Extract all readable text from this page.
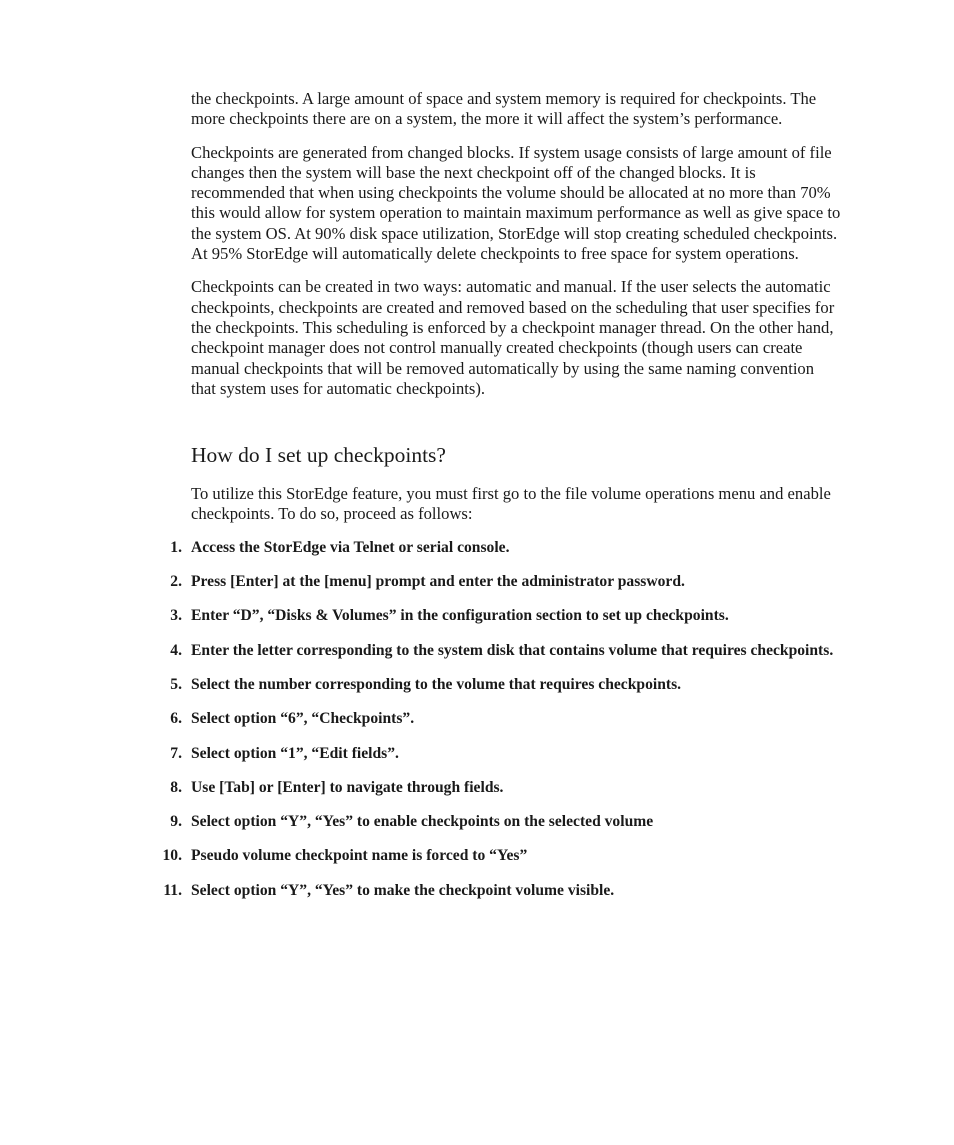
the checkpoints. A large amount of space and system memory is required for checkpoints. The more checkpoints there are on a system, the more it will affect the system’s performance.

Checkpoints are generated from changed blocks. If system usage consists of large amount of file changes then the system will base the next checkpoint off of the changed blocks. It is recommended that when using checkpoints the volume should be allocated at no more than 70% this would allow for system operation to maintain maximum performance as well as give space to the system OS. At 90% disk space utilization, StorEdge will stop creating scheduled checkpoints. At 95% StorEdge will automatically delete checkpoints to free space for system operations.

Checkpoints can be created in two ways: automatic and manual. If the user selects the automatic checkpoints, checkpoints are created and removed based on the scheduling that user specifies for the checkpoints. This scheduling is enforced by a checkpoint manager thread. On the other hand, checkpoint manager does not control manually created checkpoints (though users can create manual checkpoints that will be removed automatically by using the same naming convention that system uses for automatic checkpoints).

How do I set up checkpoints?

To utilize this StorEdge feature, you must first go to the file volume operations menu and enable checkpoints. To do so, proceed as follows:

1. Access the StorEdge via Telnet or serial console.
2. Press [Enter] at the [menu] prompt and enter the administrator password.
3. Enter “D”, “Disks & Volumes” in the configuration section to set up checkpoints.
4. Enter the letter corresponding to the system disk that contains volume that requires checkpoints.
5. Select the number corresponding to the volume that requires checkpoints.
6. Select option “6”, “Checkpoints”.
7. Select option “1”, “Edit fields”.
8. Use [Tab] or [Enter] to navigate through fields.
9. Select option “Y”, “Yes” to enable checkpoints on the selected volume
10. Pseudo volume checkpoint name is forced to “Yes”
11. Select option “Y”, “Yes” to make the checkpoint volume visible.
